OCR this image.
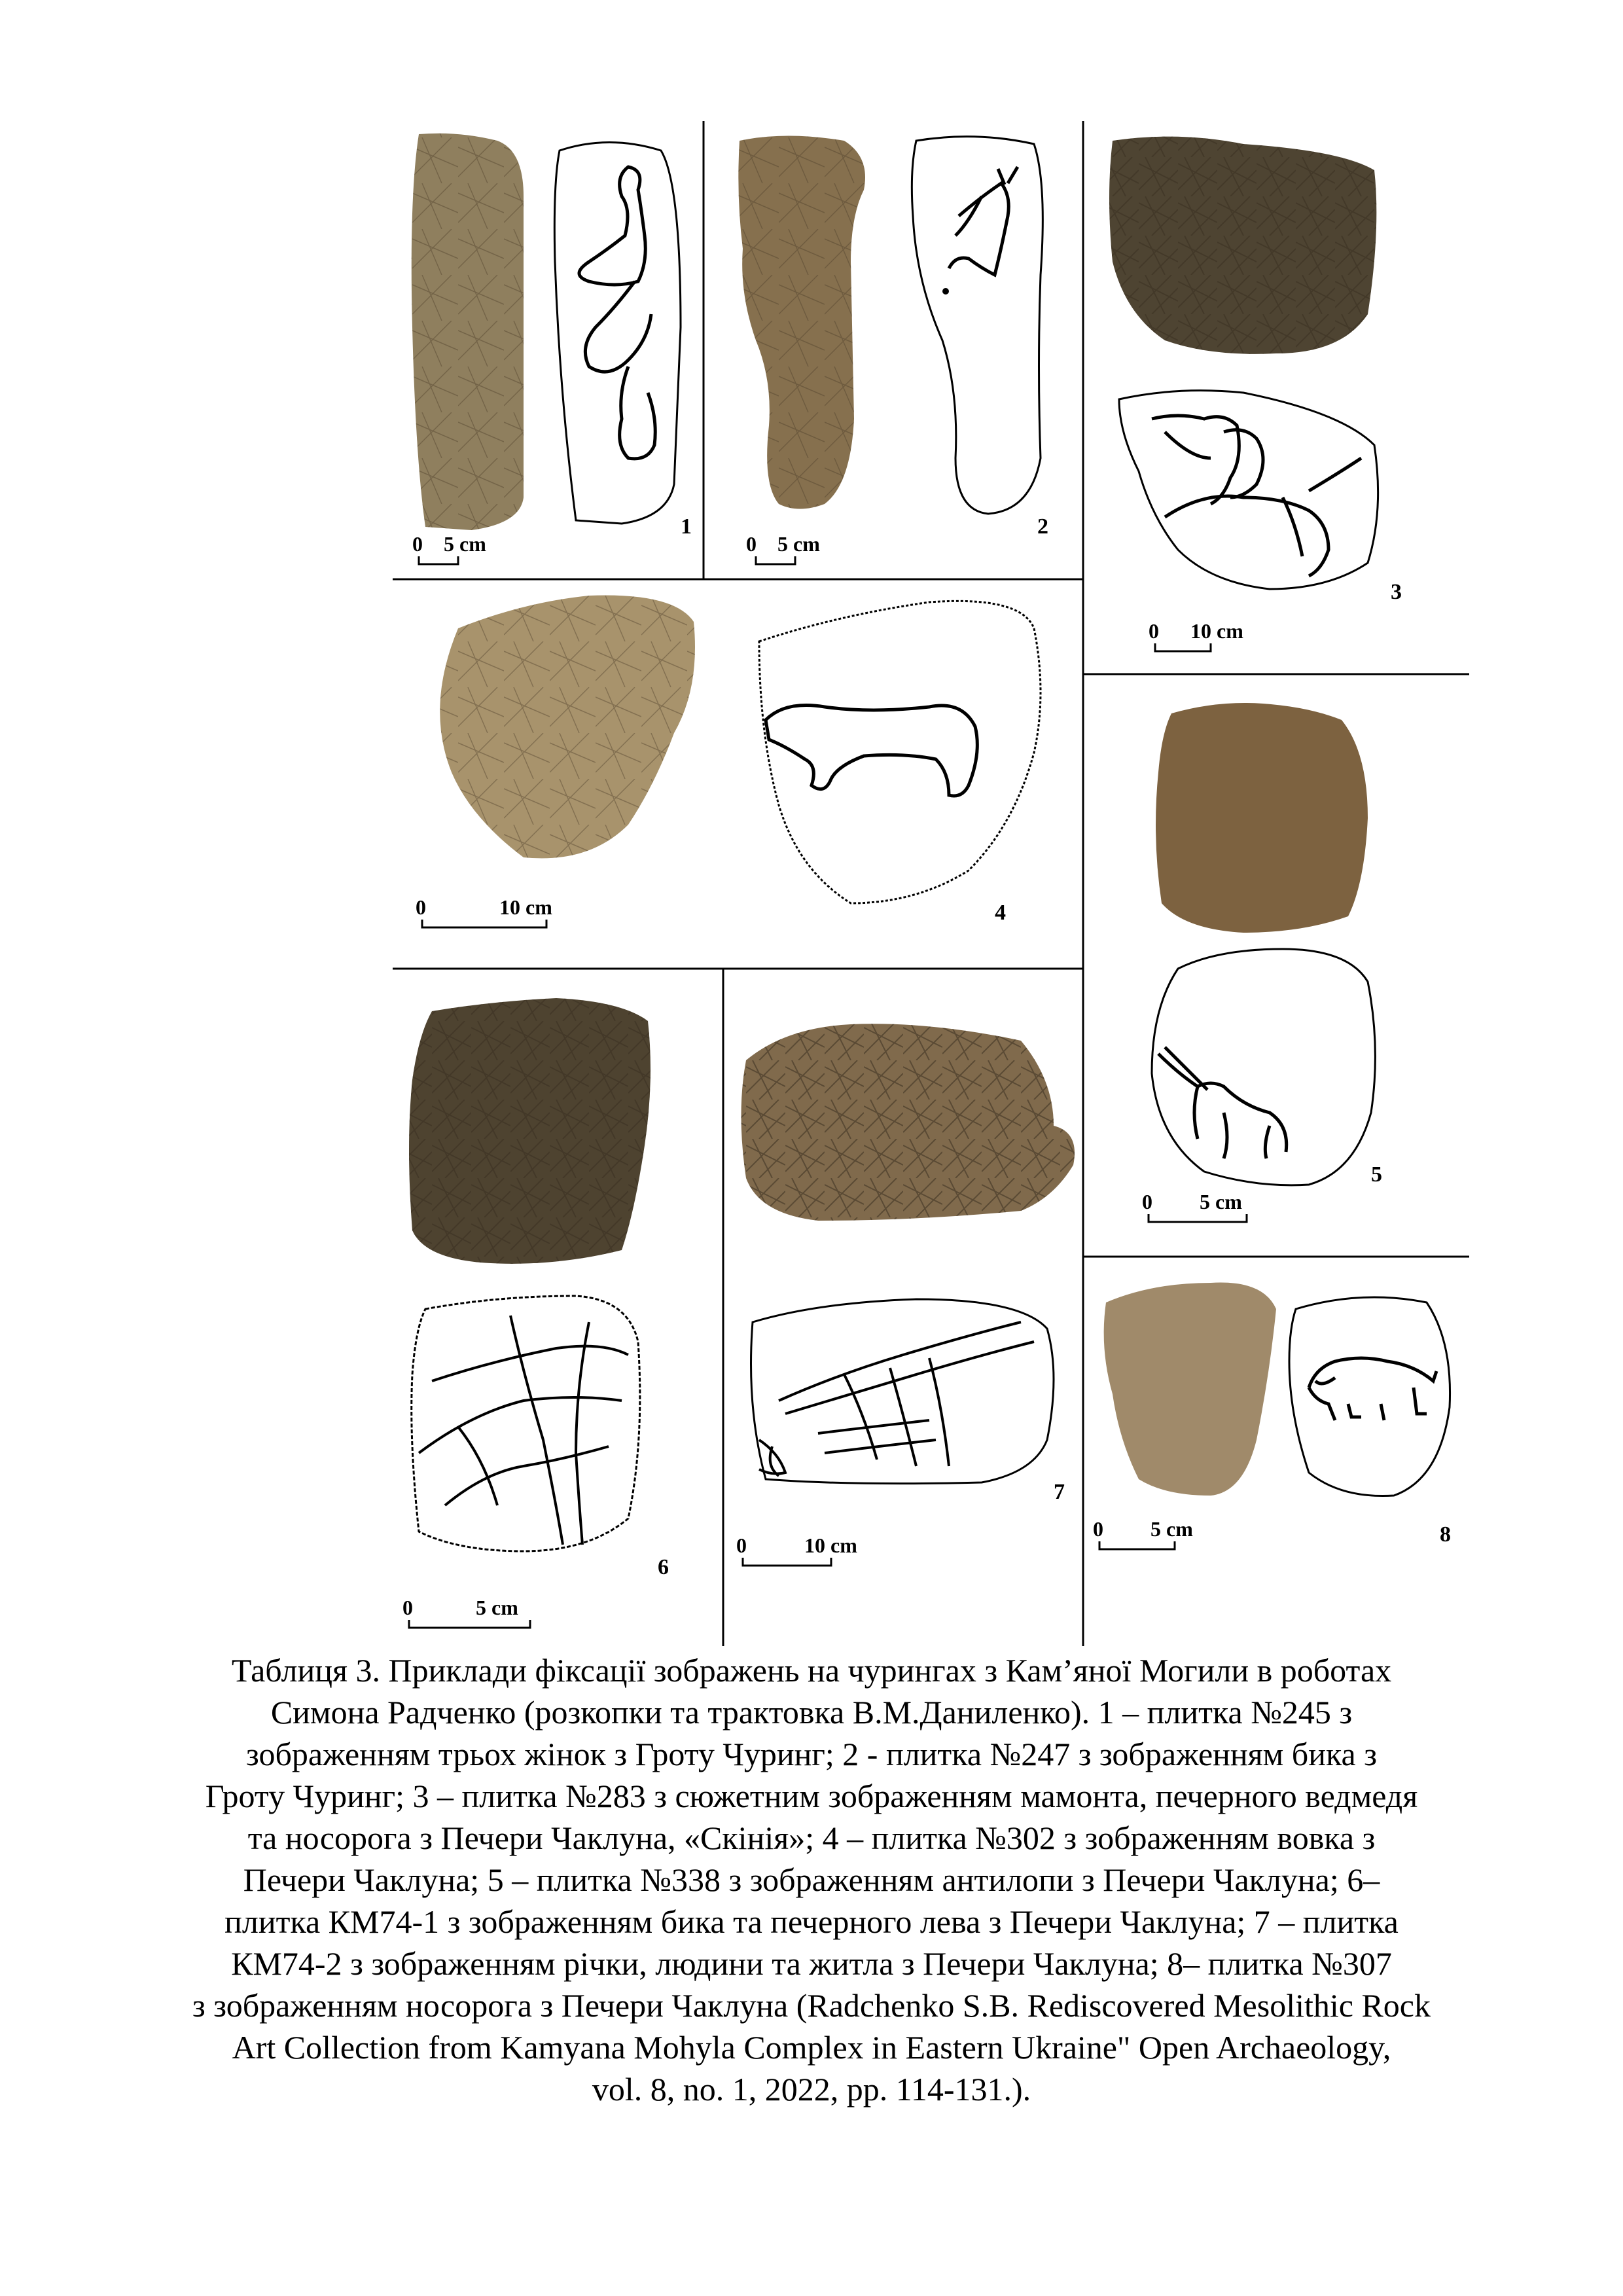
1	2
3
4
5
6
7
8
0    5 cm	0    5 cm
0      10 cm
0              10 cm
0         5 cm
0            5 cm
0           10 cm
0         5 cm
Таблиця 3. Приклади фіксації зображень на чурингах з Кам’яної Могили в роботах
Симона Радченко (розкопки та трактовка В.М.Даниленко). 1 – плитка №245 з
зображенням трьох жінок з Гроту Чуринг; 2 - плитка №247 з зображенням бика з
Гроту Чуринг; 3 – плитка №283 з сюжетним зображенням мамонта, печерного ведмедя
та носорога з Печери Чаклуна, «Скінія»; 4 – плитка №302 з зображенням вовка з
Печери Чаклуна; 5 – плитка №338 з зображенням антилопи з Печери Чаклуна; 6–
плитка КМ74-1 з зображенням бика та печерного лева з Печери Чаклуна; 7 – плитка
КМ74-2 з зображенням річки, людини та житла з Печери Чаклуна; 8– плитка №307
з зображенням носорога з Печери Чаклуна (Radchenko S.B. Rediscovered Mesolithic Rock
Art Collection from Kamyana Mohyla Complex in Eastern Ukraine" Open Archaeology,
vol. 8, no. 1, 2022, pp. 114-131.).
